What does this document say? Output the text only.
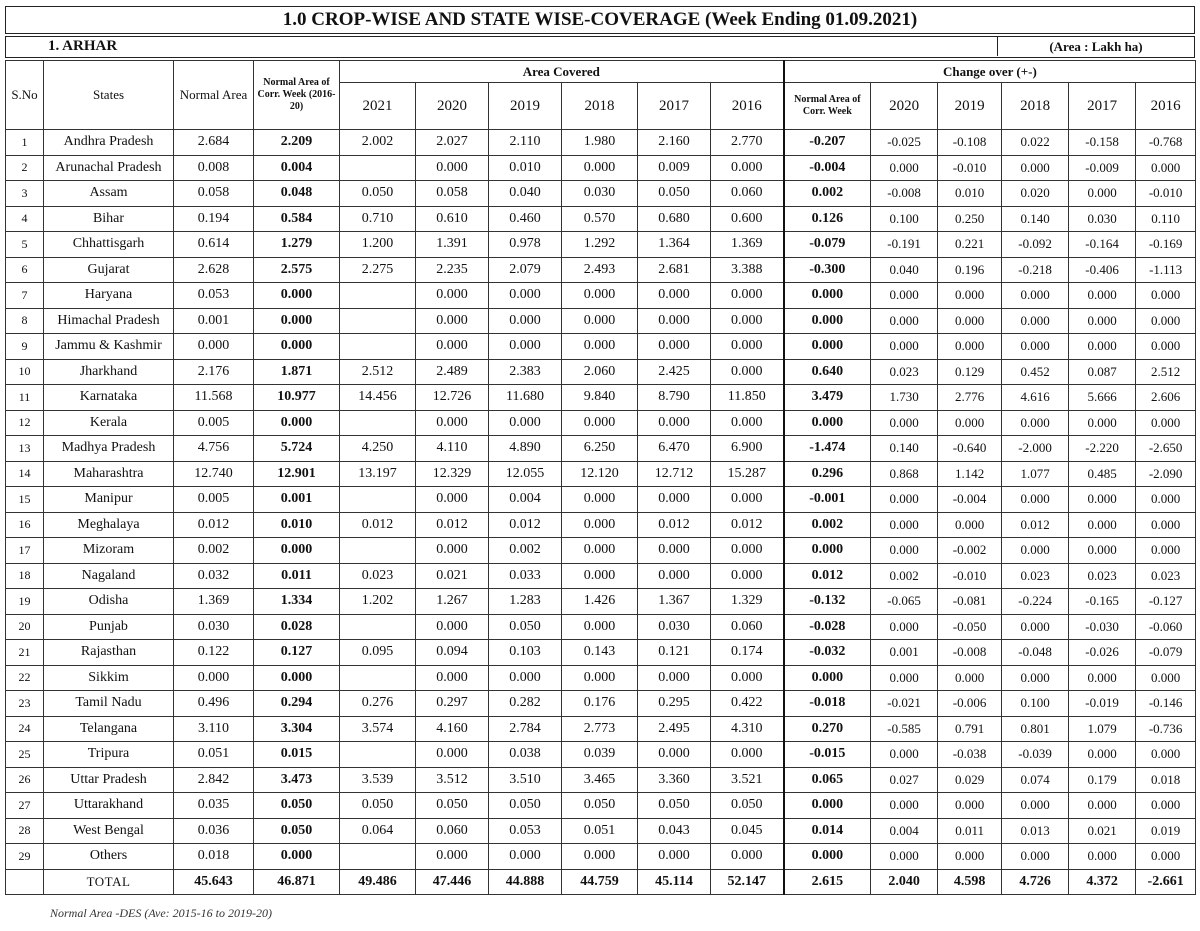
1.0 CROP-WISE AND STATE WISE-COVERAGE (Week Ending 01.09.2021)
1. ARHAR	(Area : Lakh ha)
S.No	States	Normal Area	Normal Area of Corr. Week (2016-20)	Area Covered						Change over (+-)					
				2021	2020	2019	2018	2017	2016	Normal Area of Corr. Week	2020	2019	2018	2017	2016
1	Andhra Pradesh	2.684	2.209	2.002	2.027	2.110	1.980	2.160	2.770	-0.207	-0.025	-0.108	0.022	-0.158	-0.768
2	Arunachal Pradesh	0.008	0.004		0.000	0.010	0.000	0.009	0.000	-0.004	0.000	-0.010	0.000	-0.009	0.000
3	Assam	0.058	0.048	0.050	0.058	0.040	0.030	0.050	0.060	0.002	-0.008	0.010	0.020	0.000	-0.010
4	Bihar	0.194	0.584	0.710	0.610	0.460	0.570	0.680	0.600	0.126	0.100	0.250	0.140	0.030	0.110
5	Chhattisgarh	0.614	1.279	1.200	1.391	0.978	1.292	1.364	1.369	-0.079	-0.191	0.221	-0.092	-0.164	-0.169
6	Gujarat	2.628	2.575	2.275	2.235	2.079	2.493	2.681	3.388	-0.300	0.040	0.196	-0.218	-0.406	-1.113
7	Haryana	0.053	0.000		0.000	0.000	0.000	0.000	0.000	0.000	0.000	0.000	0.000	0.000	0.000
8	Himachal Pradesh	0.001	0.000		0.000	0.000	0.000	0.000	0.000	0.000	0.000	0.000	0.000	0.000	0.000
9	Jammu & Kashmir	0.000	0.000		0.000	0.000	0.000	0.000	0.000	0.000	0.000	0.000	0.000	0.000	0.000
10	Jharkhand	2.176	1.871	2.512	2.489	2.383	2.060	2.425	0.000	0.640	0.023	0.129	0.452	0.087	2.512
11	Karnataka	11.568	10.977	14.456	12.726	11.680	9.840	8.790	11.850	3.479	1.730	2.776	4.616	5.666	2.606
12	Kerala	0.005	0.000		0.000	0.000	0.000	0.000	0.000	0.000	0.000	0.000	0.000	0.000	0.000
13	Madhya Pradesh	4.756	5.724	4.250	4.110	4.890	6.250	6.470	6.900	-1.474	0.140	-0.640	-2.000	-2.220	-2.650
14	Maharashtra	12.740	12.901	13.197	12.329	12.055	12.120	12.712	15.287	0.296	0.868	1.142	1.077	0.485	-2.090
15	Manipur	0.005	0.001		0.000	0.004	0.000	0.000	0.000	-0.001	0.000	-0.004	0.000	0.000	0.000
16	Meghalaya	0.012	0.010	0.012	0.012	0.012	0.000	0.012	0.012	0.002	0.000	0.000	0.012	0.000	0.000
17	Mizoram	0.002	0.000		0.000	0.002	0.000	0.000	0.000	0.000	0.000	-0.002	0.000	0.000	0.000
18	Nagaland	0.032	0.011	0.023	0.021	0.033	0.000	0.000	0.000	0.012	0.002	-0.010	0.023	0.023	0.023
19	Odisha	1.369	1.334	1.202	1.267	1.283	1.426	1.367	1.329	-0.132	-0.065	-0.081	-0.224	-0.165	-0.127
20	Punjab	0.030	0.028		0.000	0.050	0.000	0.030	0.060	-0.028	0.000	-0.050	0.000	-0.030	-0.060
21	Rajasthan	0.122	0.127	0.095	0.094	0.103	0.143	0.121	0.174	-0.032	0.001	-0.008	-0.048	-0.026	-0.079
22	Sikkim	0.000	0.000		0.000	0.000	0.000	0.000	0.000	0.000	0.000	0.000	0.000	0.000	0.000
23	Tamil Nadu	0.496	0.294	0.276	0.297	0.282	0.176	0.295	0.422	-0.018	-0.021	-0.006	0.100	-0.019	-0.146
24	Telangana	3.110	3.304	3.574	4.160	2.784	2.773	2.495	4.310	0.270	-0.585	0.791	0.801	1.079	-0.736
25	Tripura	0.051	0.015		0.000	0.038	0.039	0.000	0.000	-0.015	0.000	-0.038	-0.039	0.000	0.000
26	Uttar Pradesh	2.842	3.473	3.539	3.512	3.510	3.465	3.360	3.521	0.065	0.027	0.029	0.074	0.179	0.018
27	Uttarakhand	0.035	0.050	0.050	0.050	0.050	0.050	0.050	0.050	0.000	0.000	0.000	0.000	0.000	0.000
28	West Bengal	0.036	0.050	0.064	0.060	0.053	0.051	0.043	0.045	0.014	0.004	0.011	0.013	0.021	0.019
29	Others	0.018	0.000		0.000	0.000	0.000	0.000	0.000	0.000	0.000	0.000	0.000	0.000	0.000
	TOTAL	45.643	46.871	49.486	47.446	44.888	44.759	45.114	52.147	2.615	2.040	4.598	4.726	4.372	-2.661
Normal Area -DES (Ave: 2015-16 to 2019-20)
